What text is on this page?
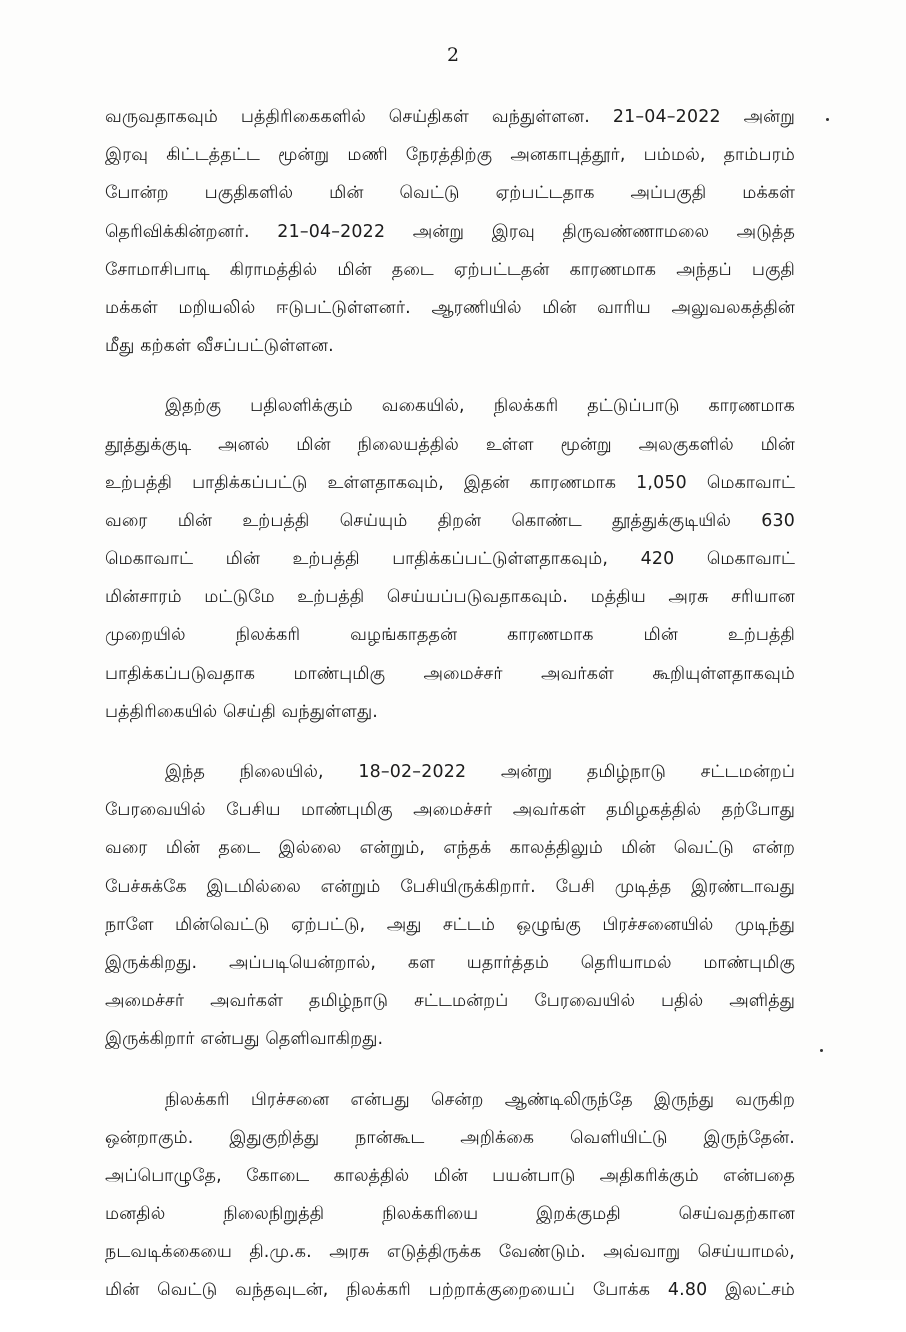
2
வருவதாகவும் பத்திரிகைகளில் செய்திகள் வந்துள்ளன. 21–04–2022 அன்று
இரவு கிட்டத்தட்ட மூன்று மணி நேரத்திற்கு அனகாபுத்தூர், பம்மல், தாம்பரம்
போன்ற பகுதிகளில் மின் வெட்டு ஏற்பட்டதாக அப்பகுதி மக்கள்
தெரிவிக்கின்றனர். 21–04–2022 அன்று இரவு திருவண்ணாமலை அடுத்த
சோமாசிபாடி கிராமத்தில் மின் தடை ஏற்பட்டதன் காரணமாக அந்தப் பகுதி
மக்கள் மறியலில் ஈடுபட்டுள்ளனர். ஆரணியில் மின் வாரிய அலுவலகத்தின்
மீது கற்கள் வீசப்பட்டுள்ளன.
இதற்கு பதிலளிக்கும் வகையில், நிலக்கரி தட்டுப்பாடு காரணமாக
தூத்துக்குடி அனல் மின் நிலையத்தில் உள்ள மூன்று அலகுகளில் மின்
உற்பத்தி பாதிக்கப்பட்டு உள்ளதாகவும், இதன் காரணமாக 1,050 மெகாவாட்
வரை மின் உற்பத்தி செய்யும் திறன் கொண்ட தூத்துக்குடியில் 630
மெகாவாட் மின் உற்பத்தி பாதிக்கப்பட்டுள்ளதாகவும், 420 மெகாவாட்
மின்சாரம் மட்டுமே உற்பத்தி செய்யப்படுவதாகவும். மத்திய அரசு சரியான
முறையில் நிலக்கரி வழங்காததன் காரணமாக மின் உற்பத்தி
பாதிக்கப்படுவதாக மாண்புமிகு அமைச்சர் அவர்கள் கூறியுள்ளதாகவும்
பத்திரிகையில் செய்தி வந்துள்ளது.
இந்த நிலையில், 18–02–2022 அன்று தமிழ்நாடு சட்டமன்றப்
பேரவையில் பேசிய மாண்புமிகு அமைச்சர் அவர்கள் தமிழகத்தில் தற்போது
வரை மின் தடை இல்லை என்றும், எந்தக் காலத்திலும் மின் வெட்டு என்ற
பேச்சுக்கே இடமில்லை என்றும் பேசியிருக்கிறார். பேசி முடித்த இரண்டாவது
நாளே மின்வெட்டு ஏற்பட்டு, அது சட்டம் ஒழுங்கு பிரச்சனையில் முடிந்து
இருக்கிறது. அப்படியென்றால், கள யதார்த்தம் தெரியாமல் மாண்புமிகு
அமைச்சர் அவர்கள் தமிழ்நாடு சட்டமன்றப் பேரவையில் பதில் அளித்து
இருக்கிறார் என்பது தெளிவாகிறது.
நிலக்கரி பிரச்சனை என்பது சென்ற ஆண்டிலிருந்தே இருந்து வருகிற
ஒன்றாகும். இதுகுறித்து நான்கூட அறிக்கை வெளியிட்டு இருந்தேன்.
அப்பொழுதே, கோடை காலத்தில் மின் பயன்பாடு அதிகரிக்கும் என்பதை
மனதில் நிலைநிறுத்தி நிலக்கரியை இறக்குமதி செய்வதற்கான
நடவடிக்கையை தி.மு.க. அரசு எடுத்திருக்க வேண்டும். அவ்வாறு செய்யாமல்,
மின் வெட்டு வந்தவுடன், நிலக்கரி பற்றாக்குறையைப் போக்க 4.80 இலட்சம்
